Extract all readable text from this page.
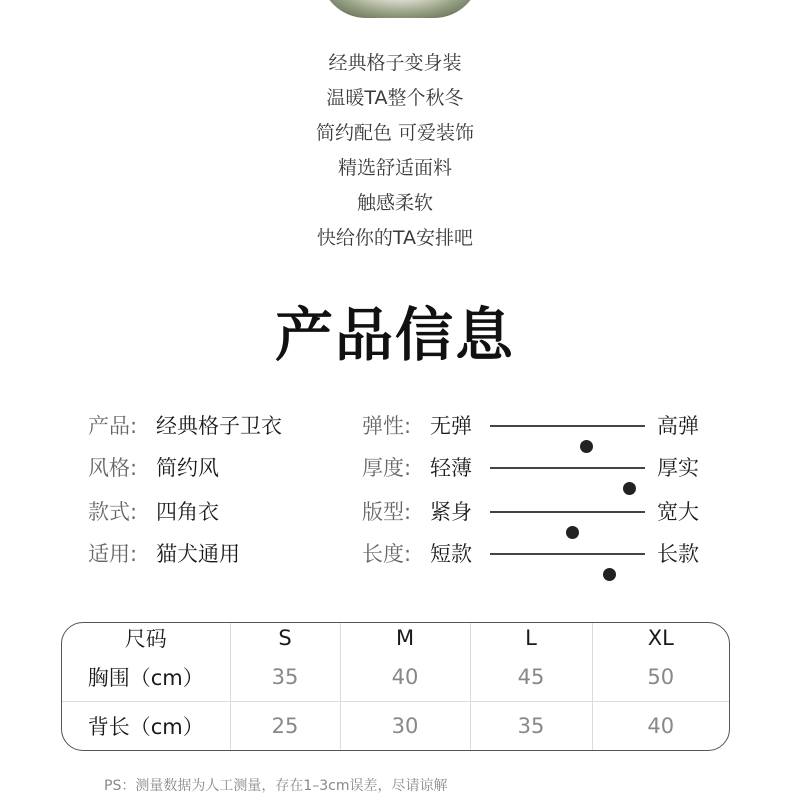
经典格子变身装
温暖TA整个秋冬
简约配色 可爱装饰
精选舒适面料
触感柔软
快给你的TA安排吧
产品信息
产品: 经典格子卫衣	弹性: 无弹	高弹
风格: 简约风	厚度: 轻薄	厚实
款式: 四角衣	版型: 紧身	宽大
适用: 猫犬通用	长度: 短款	长款
尺码	S	M	L	XL
胸围（cm）	35	40	45	50
背长（cm）	25	30	35	40
PS：测量数据为人工测量，存在1–3cm误差，尽请谅解
